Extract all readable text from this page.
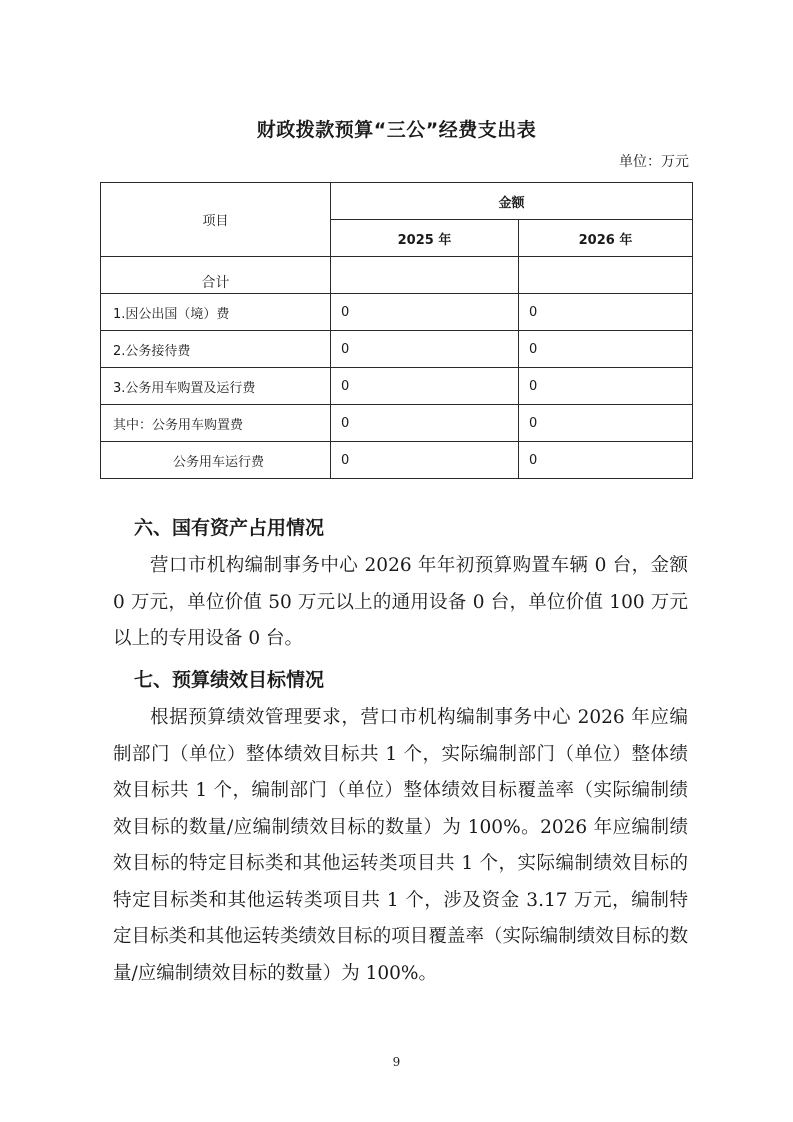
财政拨款预算“三公”经费支出表
单位：万元
项目	金额	
	2025 年	2026 年
合计		
1.因公出国（境）费	0	0
2.公务接待费	0	0
3.公务用车购置及运行费	0	0
其中：公务用车购置费	0	0
公务用车运行费	0	0
六、国有资产占用情况

营口市机构编制事务中心 2026 年年初预算购置车辆 0 台，金额 0 万元，单位价值 50 万元以上的通用设备 0 台，单位价值 100 万元以上的专用设备 0 台。

七、预算绩效目标情况

根据预算绩效管理要求，营口市机构编制事务中心 2026 年应编制部门（单位）整体绩效目标共 1 个，实际编制部门（单位）整体绩效目标共 1 个，编制部门（单位）整体绩效目标覆盖率（实际编制绩效目标的数量/应编制绩效目标的数量）为 100%。2026 年应编制绩效目标的特定目标类和其他运转类项目共 1 个，实际编制绩效目标的特定目标类和其他运转类项目共 1 个，涉及资金 3.17 万元，编制特定目标类和其他运转类绩效目标的项目覆盖率（实际编制绩效目标的数量/应编制绩效目标的数量）为 100%。

9
